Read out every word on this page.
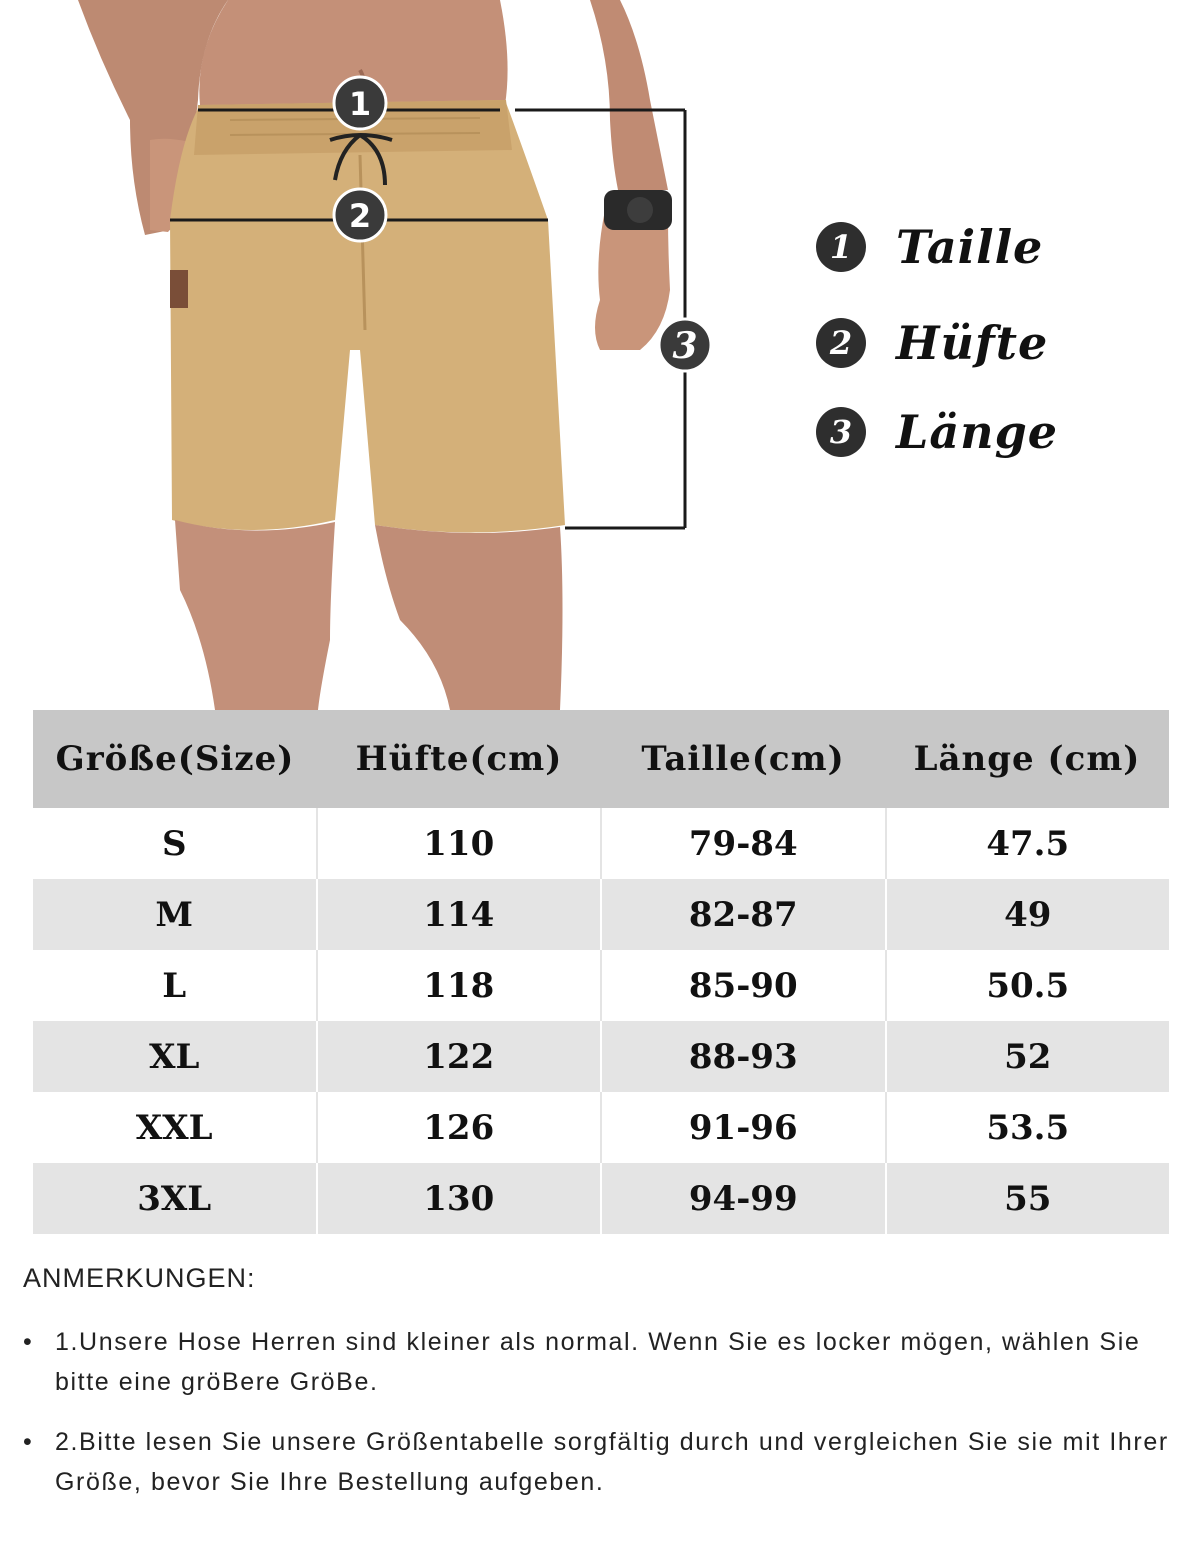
1
2
3
1 Taille
2 Hüfte
3 Länge
Größe(Size)	Hüfte(cm)	Taille(cm)	Länge (cm)
S	110	79-84	47.5
M	114	82-87	49
L	118	85-90	50.5
XL	122	88-93	52
XXL	126	91-96	53.5
3XL	130	94-99	55
ANMERKUNGEN:
• 1.Unsere Hose Herren sind kleiner als normal. Wenn Sie es locker mögen, wählen Sie bitte eine gröBere GröBe.
• 2.Bitte lesen Sie unsere Größentabelle sorgfältig durch und vergleichen Sie sie mit Ihrer Größe, bevor Sie Ihre Bestellung aufgeben.
